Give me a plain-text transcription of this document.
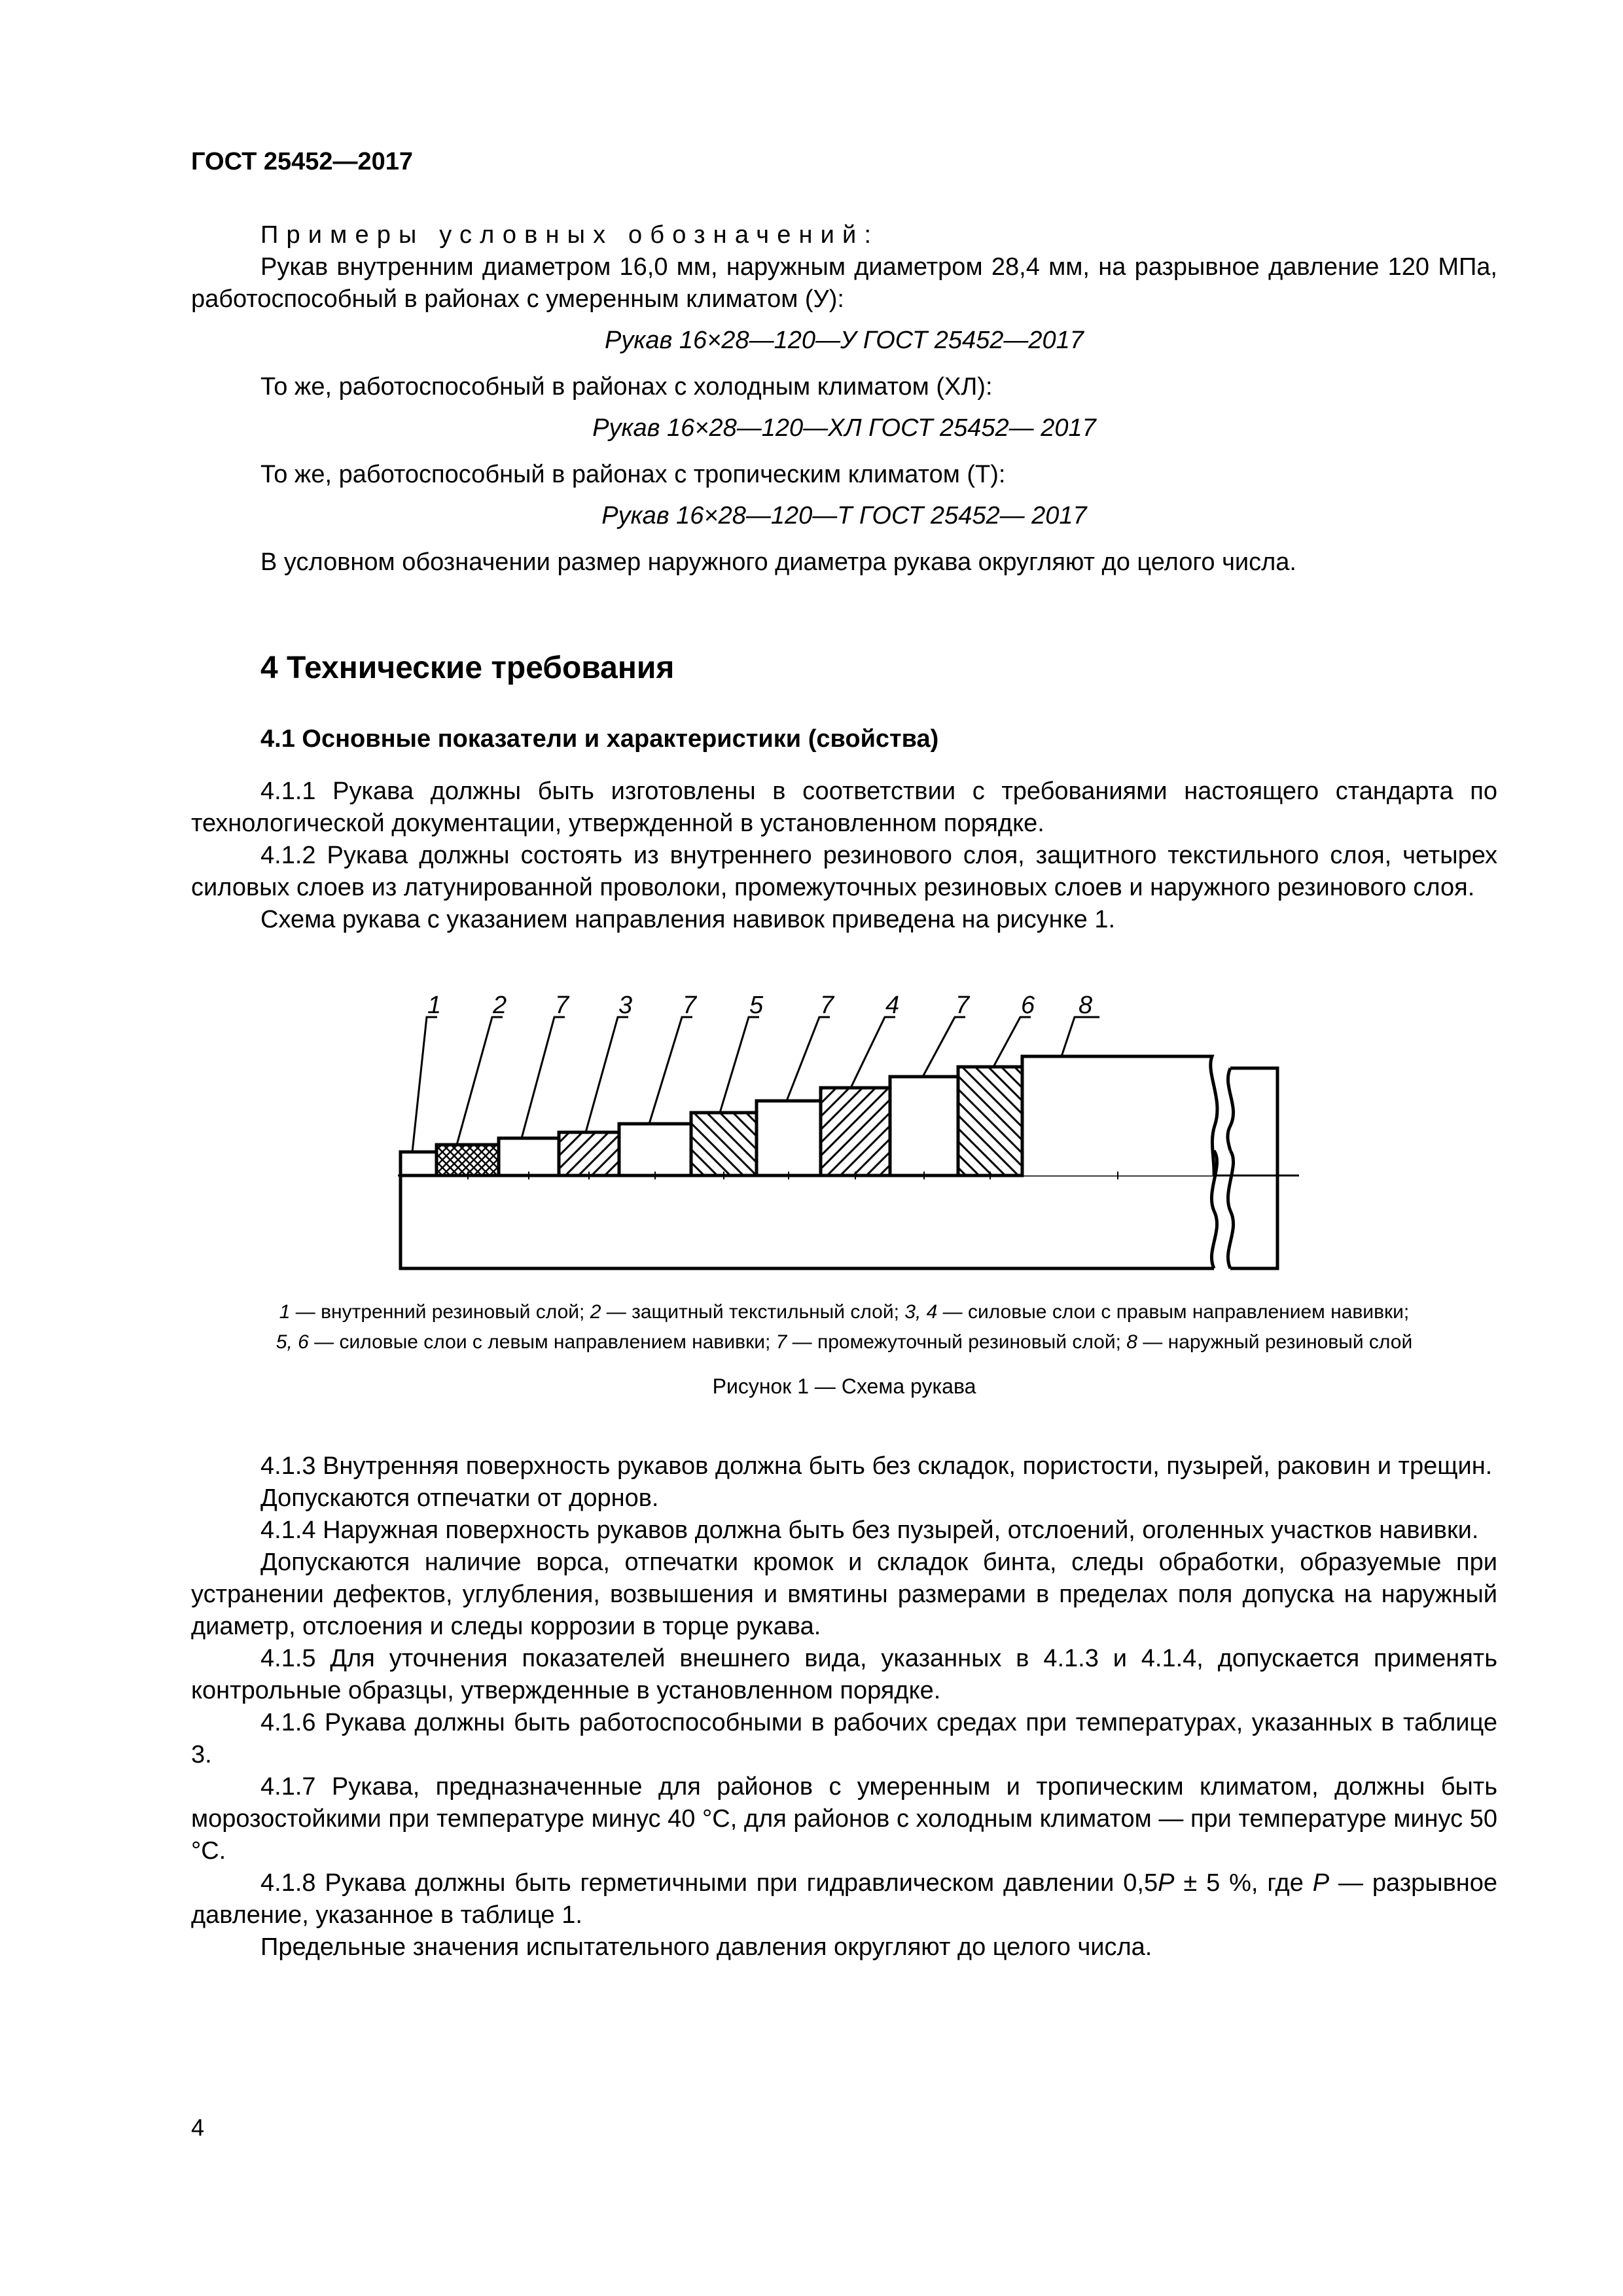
ГОСТ 25452—2017

Примеры условных обозначений:

Рукав внутренним диаметром 16,0 мм, наружным диаметром 28,4 мм, на разрывное давление 120 МПа, работоспособный в районах с умеренным климатом (У):

Рукав 16×28—120—У ГОСТ 25452—2017

То же, работоспособный в районах с холодным климатом (ХЛ):

Рукав 16×28—120—ХЛ ГОСТ 25452— 2017

То же, работоспособный в районах с тропическим климатом (Т):

Рукав 16×28—120—Т ГОСТ 25452— 2017

В условном обозначении размер наружного диаметра рукава округляют до целого числа.

4 Технические требования
4.1 Основные показатели и характеристики (свойства)

4.1.1 Рукава должны быть изготовлены в соответствии с требованиями настоящего стандарта по технологической документации, утвержденной в установленном порядке.

4.1.2 Рукава должны состоять из внутреннего резинового слоя, защитного текстильного слоя, четырех силовых слоев из латунированной проволоки, промежуточных резиновых слоев и наружного резинового слоя.

Схема рукава с указанием направления навивок приведена на рисунке 1.

1 2 7 3 7 5 7 4 7 6 8
1 — внутренний резиновый слой; 2 — защитный текстильный слой; 3, 4 — силовые слои с правым направлением навивки;
5, 6 — силовые слои с левым направлением навивки; 7 — промежуточный резиновый слой; 8 — наружный резиновый слой
Рисунок 1 — Схема рукава

4.1.3 Внутренняя поверхность рукавов должна быть без складок, пористости, пузырей, раковин и трещин.

Допускаются отпечатки от дорнов.

4.1.4 Наружная поверхность рукавов должна быть без пузырей, отслоений, оголенных участков навивки.

Допускаются наличие ворса, отпечатки кромок и складок бинта, следы обработки, образуемые при устранении дефектов, углубления, возвышения и вмятины размерами в пределах поля допуска на наружный диаметр, отслоения и следы коррозии в торце рукава.

4.1.5 Для уточнения показателей внешнего вида, указанных в 4.1.3 и 4.1.4, допускается применять контрольные образцы, утвержденные в установленном порядке.

4.1.6 Рукава должны быть работоспособными в рабочих средах при температурах, указанных в таблице 3.

4.1.7 Рукава, предназначенные для районов с умеренным и тропическим климатом, должны быть морозостойкими при температуре минус 40 °С, для районов с холодным климатом — при температуре минус 50 °С.

4.1.8 Рукава должны быть герметичными при гидравлическом давлении 0,5P ± 5 %, где P — разрывное давление, указанное в таблице 1.

Предельные значения испытательного давления округляют до целого числа.

4
